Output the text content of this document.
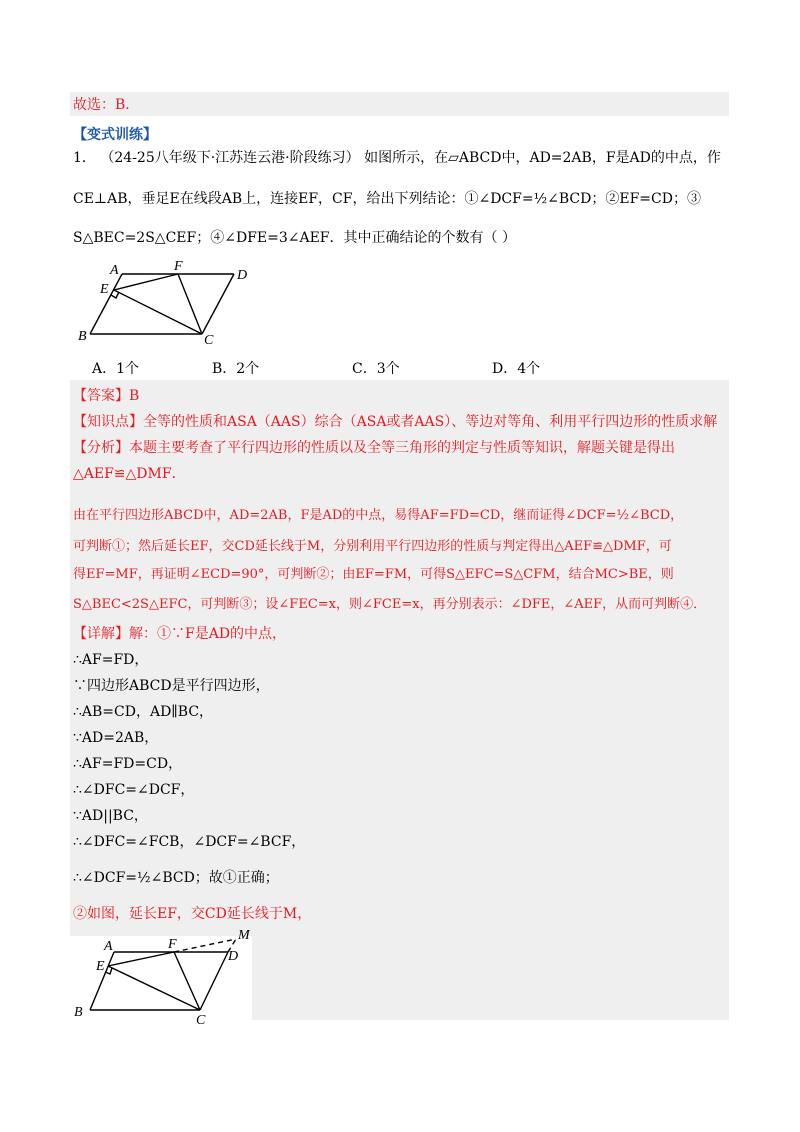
故选：B．
【变式训练】
1． （24-25八年级下·江苏连云港·阶段练习） 如图所示，在▱ABCD中，AD=2AB，F是AD的中点，作
CE⊥AB，垂足E在线段AB上，连接EF，CF，给出下列结论：①∠DCF=½∠BCD；②EF=CD；③
S△BEC=2S△CEF；④∠DFE=3∠AEF．其中正确结论的个数有（ ）
A	F
D
E
B	C
A．1个	B．2个	C．3个	D．4个
【答案】B
【知识点】全等的性质和ASA（AAS）综合（ASA或者AAS）、等边对等角、利用平行四边形的性质求解
【分析】本题主要考查了平行四边形的性质以及全等三角形的判定与性质等知识，解题关键是得出
△AEF≌△DMF．
由在平行四边形ABCD中，AD=2AB，F是AD的中点，易得AF=FD=CD，继而证得∠DCF=½∠BCD，
可判断①；然后延长EF，交CD延长线于M，分别利用平行四边形的性质与判定得出△AEF≌△DMF，可
得EF=MF，再证明∠ECD=90°，可判断②；由EF=FM，可得S△EFC=S△CFM，结合MC>BE，则
S△BEC<2S△EFC，可判断③；设∠FEC=x，则∠FCE=x，再分别表示：∠DFE，∠AEF，从而可判断④．
【详解】解：①∵F是AD的中点，
∴AF=FD，
∵四边形ABCD是平行四边形，
∴AB=CD，AD∥BC，
∵AD=2AB，
∴AF=FD=CD，
∴∠DFC=∠DCF，
∵AD||BC，
∴∠DFC=∠FCB，∠DCF=∠BCF，
∴∠DCF=½∠BCD；故①正确；
②如图，延长EF，交CD延长线于M，
A	F
D
M
E
B
C
